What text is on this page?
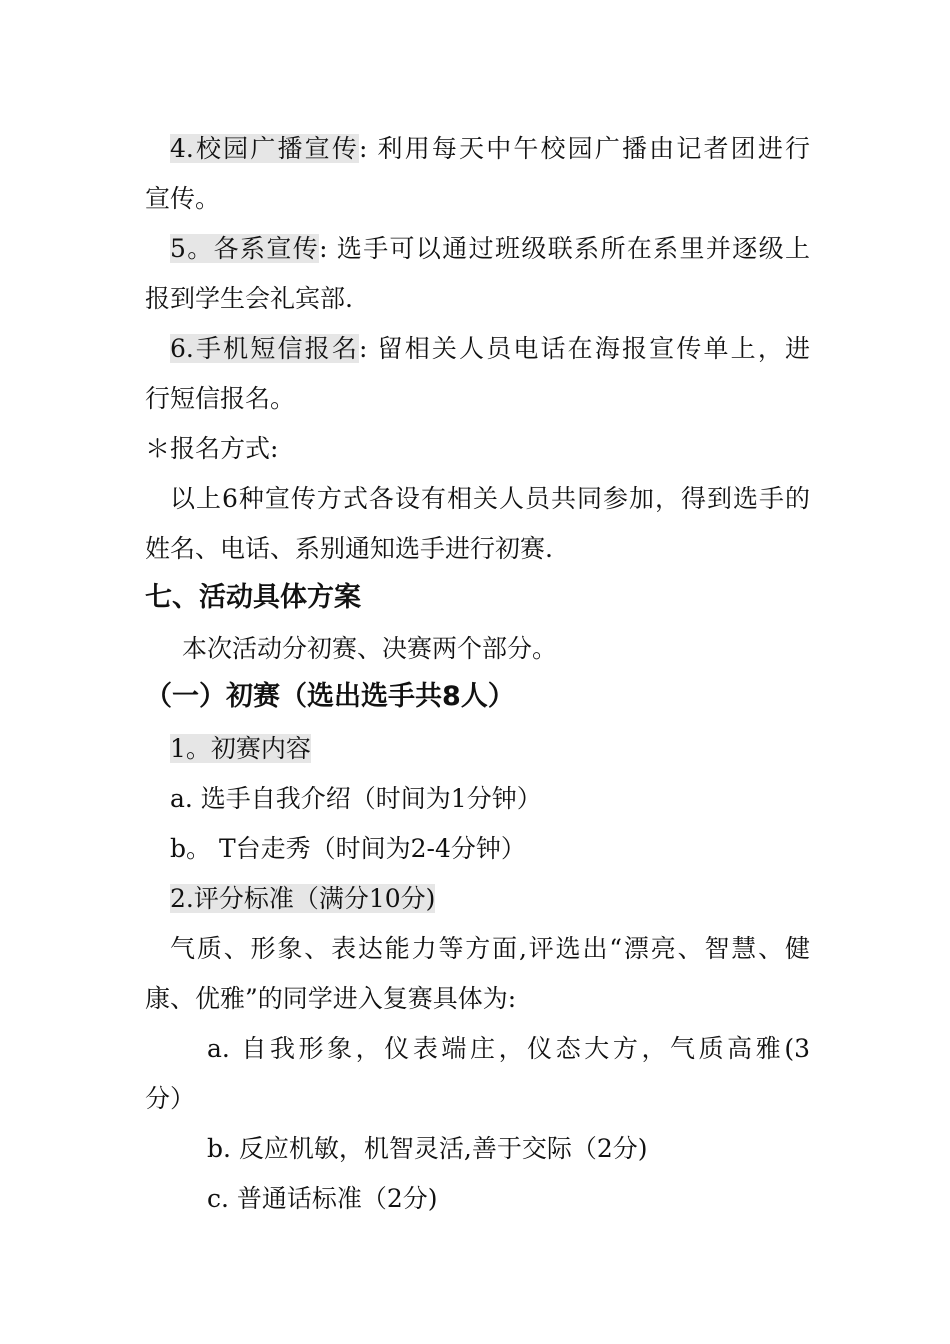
4.校园广播宣传: 利用每天中午校园广播由记者团进行
宣传。
5。各系宣传: 选手可以通过班级联系所在系里并逐级上
报到学生会礼宾部.
6.手机短信报名: 留相关人员电话在海报宣传单上，进
行短信报名。
＊报名方式:
以上6种宣传方式各设有相关人员共同参加，得到选手的
姓名、电话、系别通知选手进行初赛.
七、活动具体方案
本次活动分初赛、决赛两个部分。
（一）初赛（选出选手共8人）
1。初赛内容
a. 选手自我介绍（时间为1分钟）
b。 T台走秀（时间为2-4分钟）
2.评分标准（满分10分)
气质、形象、表达能力等方面,评选出“漂亮、智慧、健
康、优雅”的同学进入复赛具体为:
a. 自我形象，仪表端庄，仪态大方，气质高雅(3
分）
b. 反应机敏，机智灵活,善于交际（2分)
c. 普通话标准（2分)
